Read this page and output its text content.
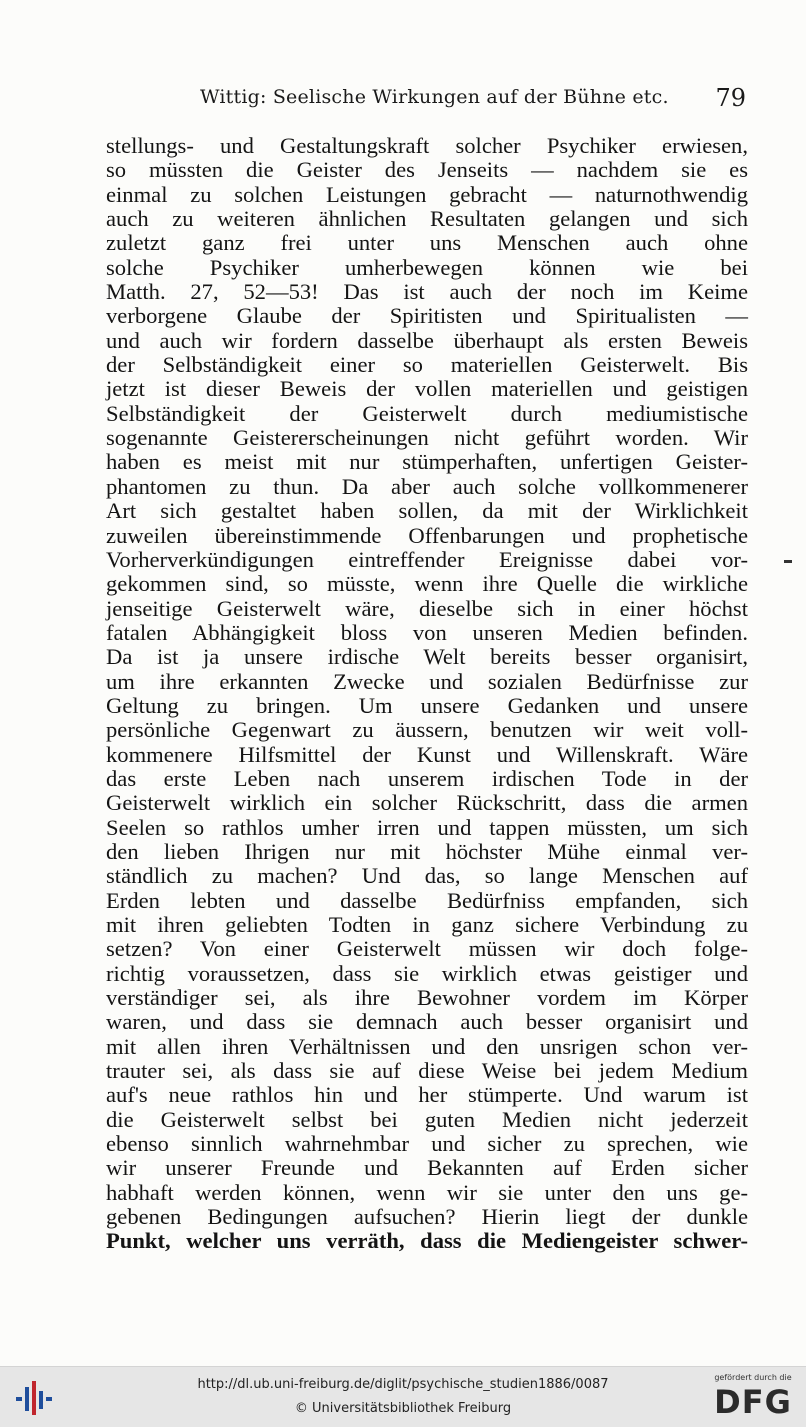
Wittig: Seelische Wirkungen auf der Bühne etc. 79
stellungs- und Gestaltungskraft solcher Psychiker erwiesen,
so müssten die Geister des Jenseits — nachdem sie es
einmal zu solchen Leistungen gebracht — naturnothwendig
auch zu weiteren ähnlichen Resultaten gelangen und sich
zuletzt ganz frei unter uns Menschen auch ohne
solche Psychiker umherbewegen können wie bei
Matth. 27, 52—53! Das ist auch der noch im Keime
verborgene Glaube der Spiritisten und Spiritualisten —
und auch wir fordern dasselbe überhaupt als ersten Beweis
der Selbständigkeit einer so materiellen Geisterwelt. Bis
jetzt ist dieser Beweis der vollen materiellen und geistigen
Selbständigkeit der Geisterwelt durch mediumistische
sogenannte Geistererscheinungen nicht geführt worden. Wir
haben es meist mit nur stümperhaften, unfertigen Geister-
phantomen zu thun. Da aber auch solche vollkommenerer
Art sich gestaltet haben sollen, da mit der Wirklichkeit
zuweilen übereinstimmende Offenbarungen und prophetische
Vorherverkündigungen eintreffender Ereignisse dabei vor-
gekommen sind, so müsste, wenn ihre Quelle die wirkliche
jenseitige Geisterwelt wäre, dieselbe sich in einer höchst
fatalen Abhängigkeit bloss von unseren Medien befinden.
Da ist ja unsere irdische Welt bereits besser organisirt,
um ihre erkannten Zwecke und sozialen Bedürfnisse zur
Geltung zu bringen. Um unsere Gedanken und unsere
persönliche Gegenwart zu äussern, benutzen wir weit voll-
kommenere Hilfsmittel der Kunst und Willenskraft. Wäre
das erste Leben nach unserem irdischen Tode in der
Geisterwelt wirklich ein solcher Rückschritt, dass die armen
Seelen so rathlos umher irren und tappen müssten, um sich
den lieben Ihrigen nur mit höchster Mühe einmal ver-
ständlich zu machen? Und das, so lange Menschen auf
Erden lebten und dasselbe Bedürfniss empfanden, sich
mit ihren geliebten Todten in ganz sichere Verbindung zu
setzen? Von einer Geisterwelt müssen wir doch folge-
richtig voraussetzen, dass sie wirklich etwas geistiger und
verständiger sei, als ihre Bewohner vordem im Körper
waren, und dass sie demnach auch besser organisirt und
mit allen ihren Verhältnissen und den unsrigen schon ver-
trauter sei, als dass sie auf diese Weise bei jedem Medium
auf's neue rathlos hin und her stümperte. Und warum ist
die Geisterwelt selbst bei guten Medien nicht jederzeit
ebenso sinnlich wahrnehmbar und sicher zu sprechen, wie
wir unserer Freunde und Bekannten auf Erden sicher
habhaft werden können, wenn wir sie unter den uns ge-
gebenen Bedingungen aufsuchen? Hierin liegt der dunkle
Punkt, welcher uns verräth, dass die Mediengeister schwer-
http://dl.ub.uni-freiburg.de/diglit/psychische_studien1886/0087
© Universitätsbibliothek Freiburg
gefördert durch die
DFG
